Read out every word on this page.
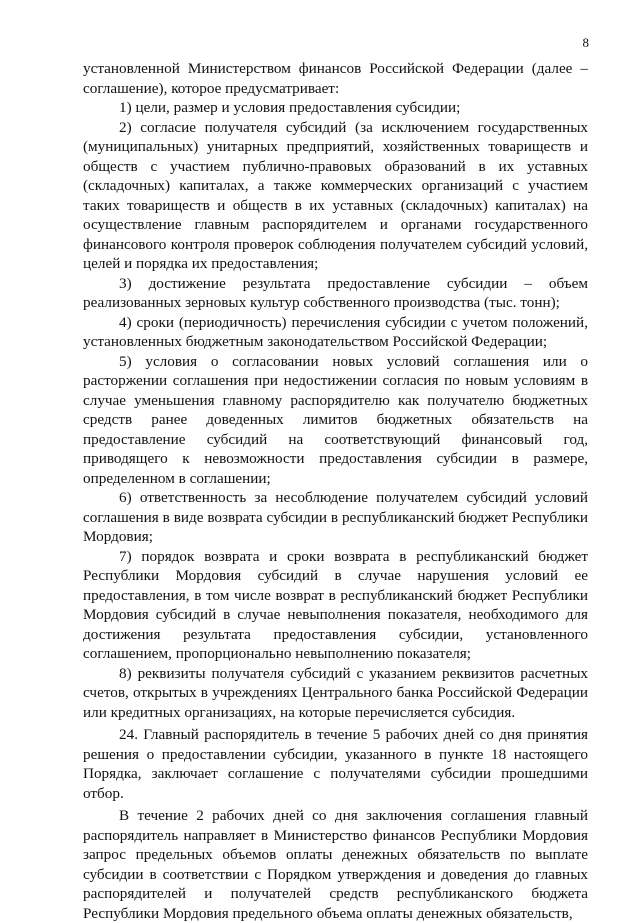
8

установленной Министерством финансов Российской Федерации (далее – соглашение), которое предусматривает:

1) цели, размер и условия предоставления субсидии;

2) согласие получателя субсидий (за исключением государственных (муниципальных) унитарных предприятий, хозяйственных товариществ и обществ с участием публично-правовых образований в их уставных (складочных) капиталах, а также коммерческих организаций с участием таких товариществ и обществ в их уставных (складочных) капиталах) на осуществление главным распорядителем и органами государственного финансового контроля проверок соблюдения получателем субсидий условий, целей и порядка их предоставления;

3) достижение результата предоставление субсидии – объем реализованных зерновых культур собственного производства (тыс. тонн);

4) сроки (периодичность) перечисления субсидии с учетом положений, установленных бюджетным законодательством Российской Федерации;

5) условия о согласовании новых условий соглашения или о расторжении соглашения при недостижении согласия по новым условиям в случае уменьшения главному распорядителю как получателю бюджетных средств ранее доведенных лимитов бюджетных обязательств на предоставление субсидий на соответствующий финансовый год, приводящего к невозможности предоставления субсидии в размере, определенном в соглашении;

6) ответственность за несоблюдение получателем субсидий условий соглашения в виде возврата субсидии в республиканский бюджет Республики Мордовия;

7) порядок возврата и сроки возврата в республиканский бюджет Республики Мордовия субсидий в случае нарушения условий ее предоставления, в том числе возврат в республиканский бюджет Республики Мордовия субсидий в случае невыполнения показателя, необходимого для достижения результата предоставления субсидии, установленного соглашением, пропорционально невыполнению показателя;

8) реквизиты получателя субсидий с указанием реквизитов расчетных счетов, открытых в учреждениях Центрального банка Российской Федерации или кредитных организациях, на которые перечисляется субсидия.

24. Главный распорядитель в течение 5 рабочих дней со дня принятия решения о предоставлении субсидии, указанного в пункте 18 настоящего Порядка, заключает соглашение с получателями субсидии прошедшими отбор.

В течение 2 рабочих дней со дня заключения соглашения главный распорядитель направляет в Министерство финансов Республики Мордовия запрос предельных объемов оплаты денежных обязательств по выплате субсидии в соответствии с Порядком утверждения и доведения до главных распорядителей и получателей средств республиканского бюджета Республики Мордовия предельного объема оплаты денежных обязательств,
